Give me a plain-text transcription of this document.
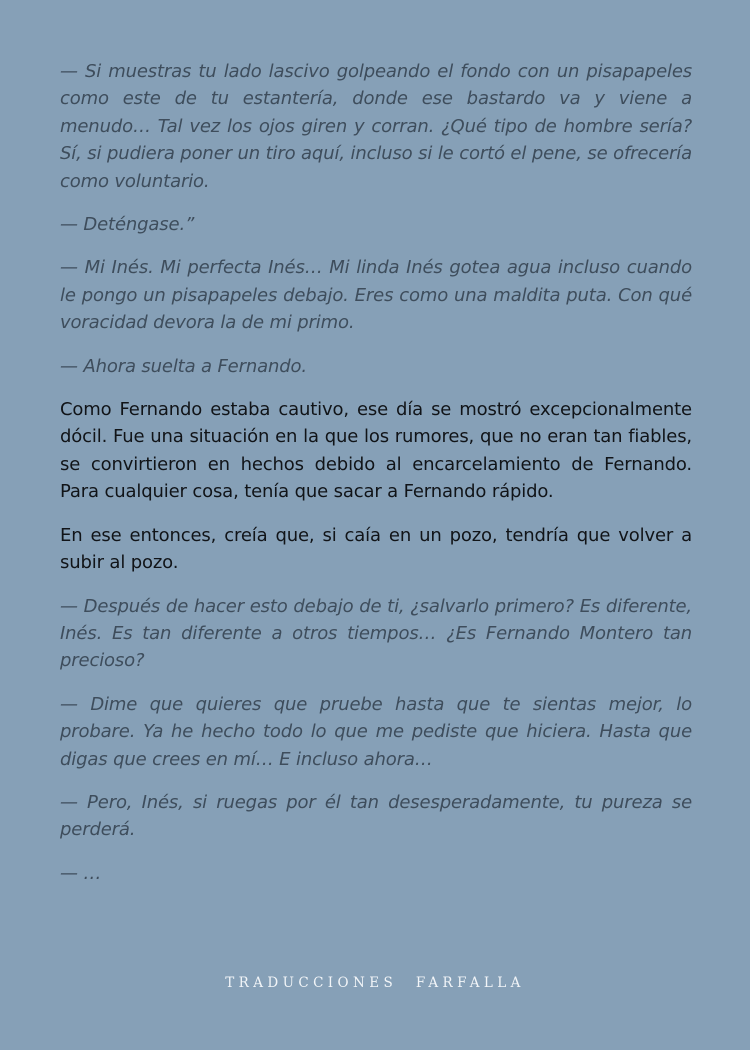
— Si muestras tu lado lascivo golpeando el fondo con un pisapapeles como este de tu estantería, donde ese bastardo va y viene a menudo… Tal vez los ojos giren y corran. ¿Qué tipo de hombre sería? Sí, si pudiera poner un tiro aquí, incluso si le cortó el pene, se ofrecería como voluntario.

— Deténgase.”

— Mi Inés. Mi perfecta Inés… Mi linda Inés gotea agua incluso cuando le pongo un pisapapeles debajo. Eres como una maldita puta. Con qué voracidad devora la de mi primo.

— Ahora suelta a Fernando.

Como Fernando estaba cautivo, ese día se mostró excepcionalmente dócil. Fue una situación en la que los rumores, que no eran tan fiables, se convirtieron en hechos debido al encarcelamiento de Fernando. Para cualquier cosa, tenía que sacar a Fernando rápido.

En ese entonces, creía que, si caía en un pozo, tendría que volver a subir al pozo.

— Después de hacer esto debajo de ti, ¿salvarlo primero? Es diferente, Inés. Es tan diferente a otros tiempos… ¿Es Fernando Montero tan precioso?

— Dime que quieres que pruebe hasta que te sientas mejor, lo probare. Ya he hecho todo lo que me pediste que hiciera. Hasta que digas que crees en mí… E incluso ahora…

— Pero, Inés, si ruegas por él tan desesperadamente, tu pureza se perderá.

— …

TRADUCCIONES FARFALLA
